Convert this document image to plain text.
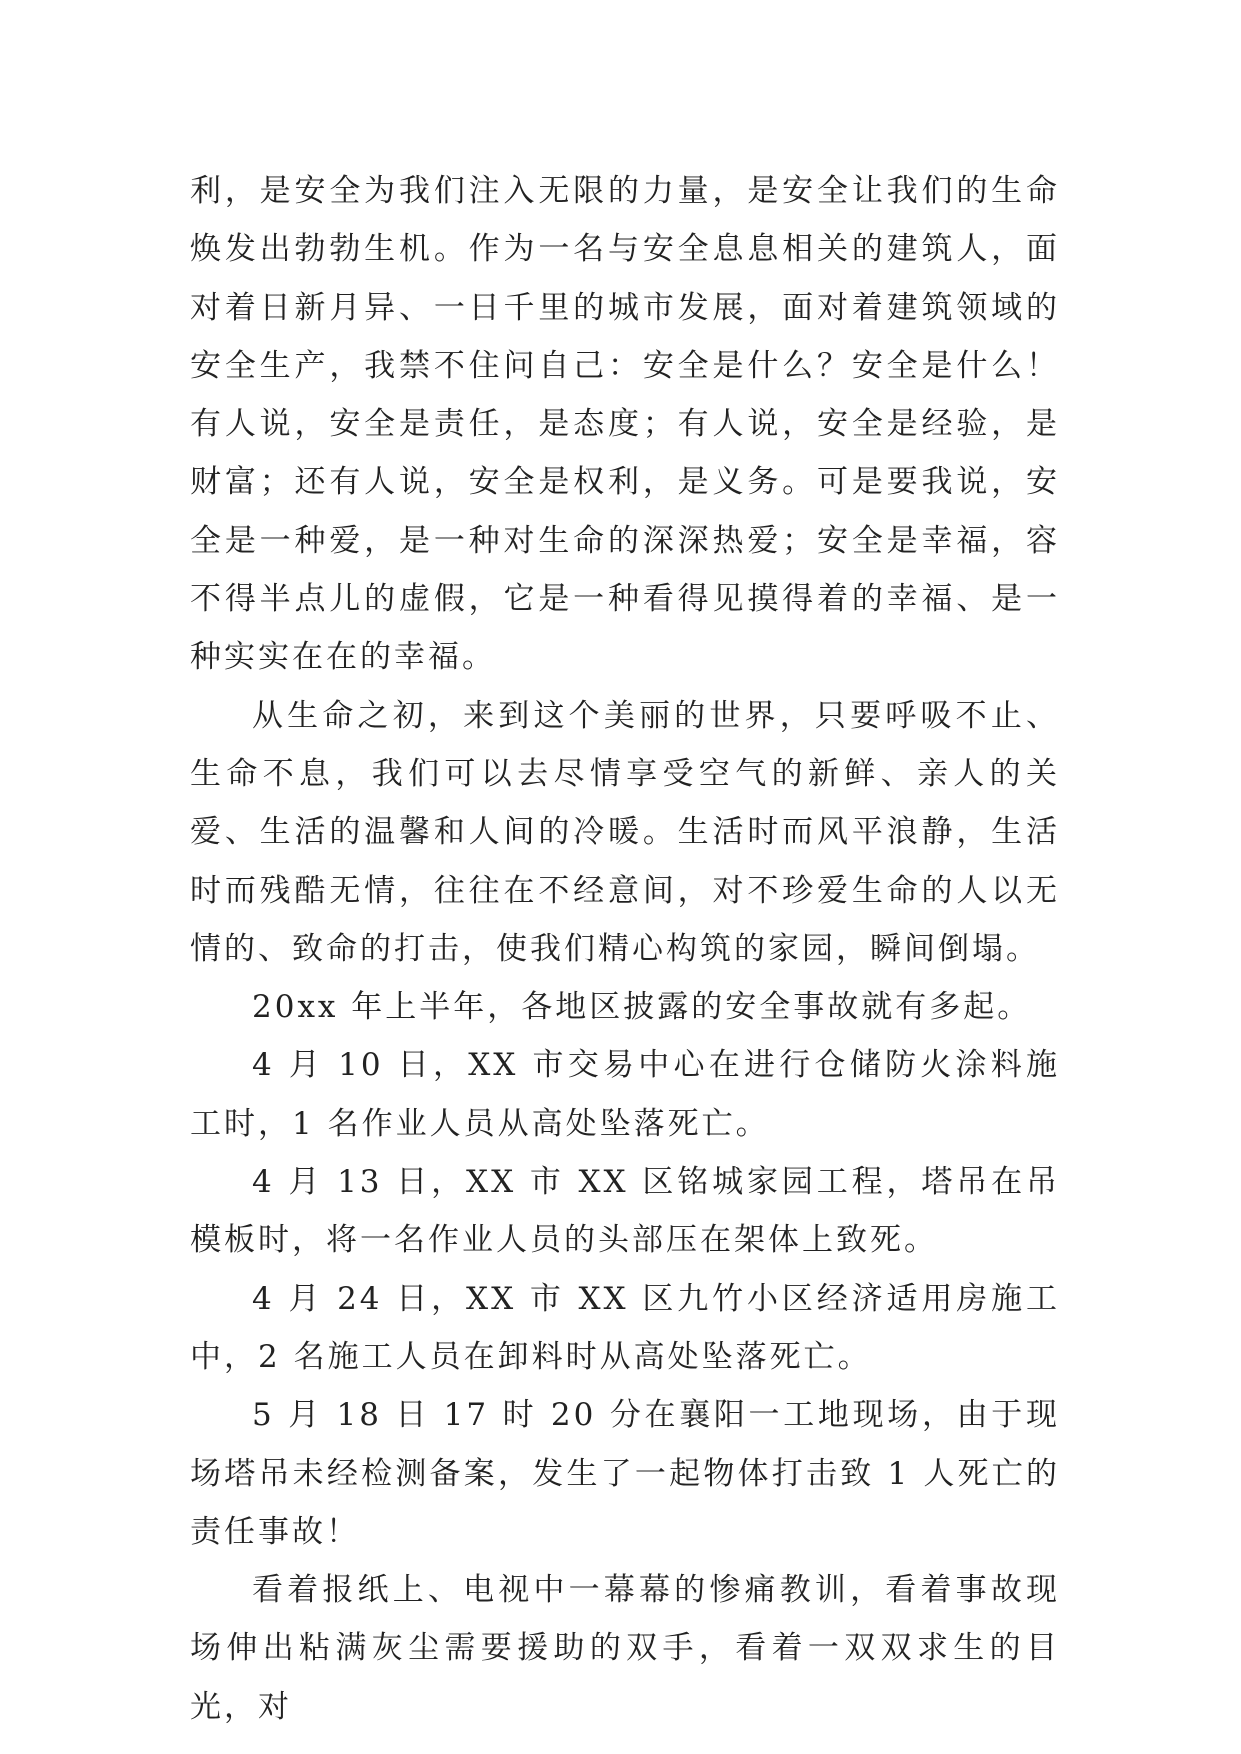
利，是安全为我们注入无限的力量，是安全让我们的生命焕发出勃勃生机。作为一名与安全息息相关的建筑人，面对着日新月异、一日千里的城市发展，面对着建筑领域的安全生产，我禁不住问自己：安全是什么？安全是什么！有人说，安全是责任，是态度；有人说，安全是经验，是财富；还有人说，安全是权利，是义务。可是要我说，安全是一种爱，是一种对生命的深深热爱；安全是幸福，容不得半点儿的虚假，它是一种看得见摸得着的幸福、是一种实实在在的幸福。

从生命之初，来到这个美丽的世界，只要呼吸不止、生命不息，我们可以去尽情享受空气的新鲜、亲人的关爱、生活的温馨和人间的冷暖。生活时而风平浪静，生活时而残酷无情，往往在不经意间，对不珍爱生命的人以无情的、致命的打击，使我们精心构筑的家园，瞬间倒塌。

20xx 年上半年，各地区披露的安全事故就有多起。

4 月 10 日，XX 市交易中心在进行仓储防火涂料施工时，1 名作业人员从高处坠落死亡。

4 月 13 日，XX 市 XX 区铭城家园工程，塔吊在吊模板时，将一名作业人员的头部压在架体上致死。

4 月 24 日，XX 市 XX 区九竹小区经济适用房施工中，2 名施工人员在卸料时从高处坠落死亡。

5 月 18 日 17 时 20 分在襄阳一工地现场，由于现场塔吊未经检测备案，发生了一起物体打击致 1 人死亡的责任事故！

看着报纸上、电视中一幕幕的惨痛教训，看着事故现场伸出粘满灰尘需要援助的双手，看着一双双求生的目光，对
